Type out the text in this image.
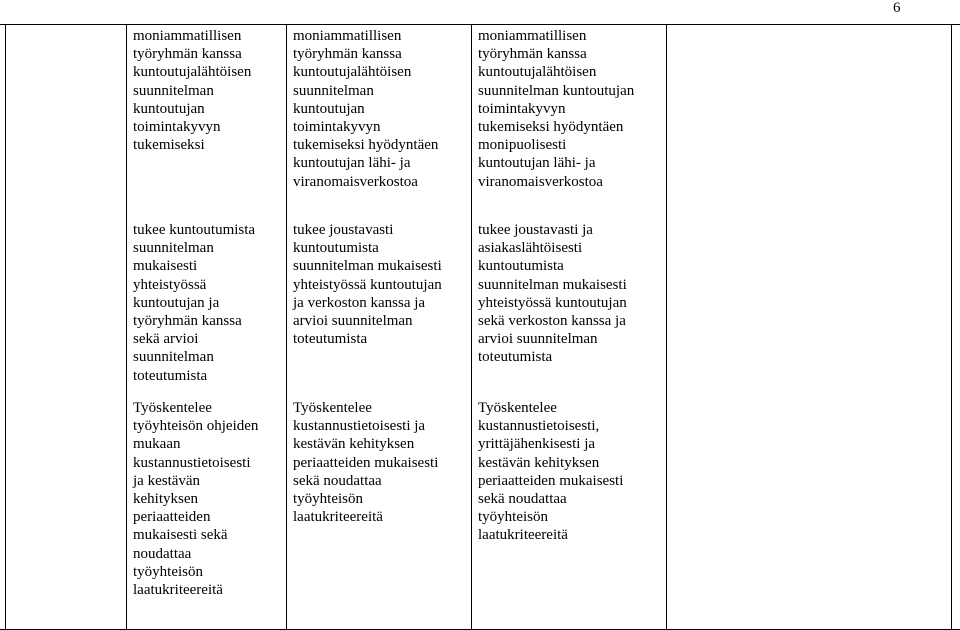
6
moniammatillisen
työryhmän kanssa
kuntoutujalähtöisen
suunnitelman
kuntoutujan
toimintakyvyn
tukemiseksi
moniammatillisen
työryhmän kanssa
kuntoutujalähtöisen
suunnitelman
kuntoutujan
toimintakyvyn
tukemiseksi hyödyntäen
kuntoutujan lähi- ja
viranomaisverkostoa
moniammatillisen
työryhmän kanssa
kuntoutujalähtöisen
suunnitelman kuntoutujan
toimintakyvyn
tukemiseksi hyödyntäen
monipuolisesti
kuntoutujan lähi- ja
viranomaisverkostoa
tukee kuntoutumista
suunnitelman
mukaisesti
yhteistyössä
kuntoutujan ja
työryhmän kanssa
sekä arvioi
suunnitelman
toteutumista
tukee joustavasti
kuntoutumista
suunnitelman mukaisesti
yhteistyössä kuntoutujan
ja verkoston kanssa ja
arvioi suunnitelman
toteutumista
tukee joustavasti ja
asiakaslähtöisesti
kuntoutumista
suunnitelman mukaisesti
yhteistyössä kuntoutujan
sekä verkoston kanssa ja
arvioi suunnitelman
toteutumista
Työskentelee
työyhteisön ohjeiden
mukaan
kustannustietoisesti
ja kestävän
kehityksen
periaatteiden
mukaisesti sekä
noudattaa
työyhteisön
laatukriteereitä
Työskentelee
kustannustietoisesti ja
kestävän kehityksen
periaatteiden mukaisesti
sekä noudattaa
työyhteisön
laatukriteereitä
Työskentelee
kustannustietoisesti,
yrittäjähenkisesti ja
kestävän kehityksen
periaatteiden mukaisesti
sekä noudattaa
työyhteisön
laatukriteereitä
